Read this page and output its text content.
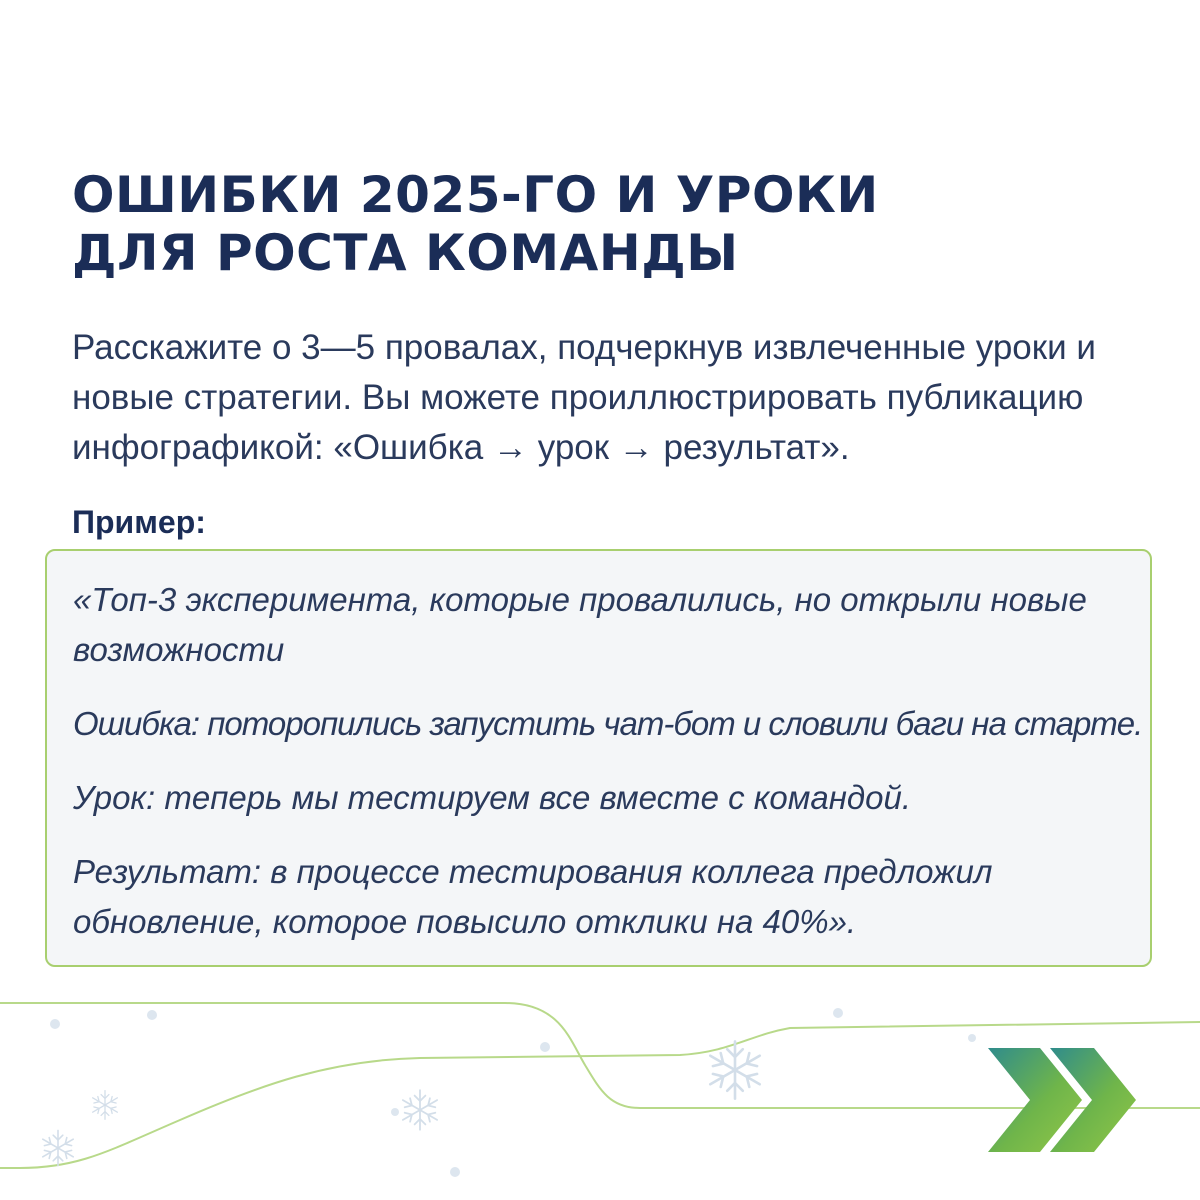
ОШИБКИ 2025-ГО И УРОКИ
ДЛЯ РОСТА КОМАНДЫ

Расскажите о 3—5 провалах, подчеркнув извлеченные уроки и
новые стратегии. Вы можете проиллюстрировать публикацию
инфографикой: «Ошибка → урок → результат».

Пример:

«Топ-3 эксперимента, которые провалились, но открыли новые

возможности

Ошибка: поторопились запустить чат-бот и словили баги на старте.

Урок: теперь мы тестируем все вместе с командой.

Результат: в процессе тестирования коллега предложил

обновление, которое повысило отклики на 40%».
